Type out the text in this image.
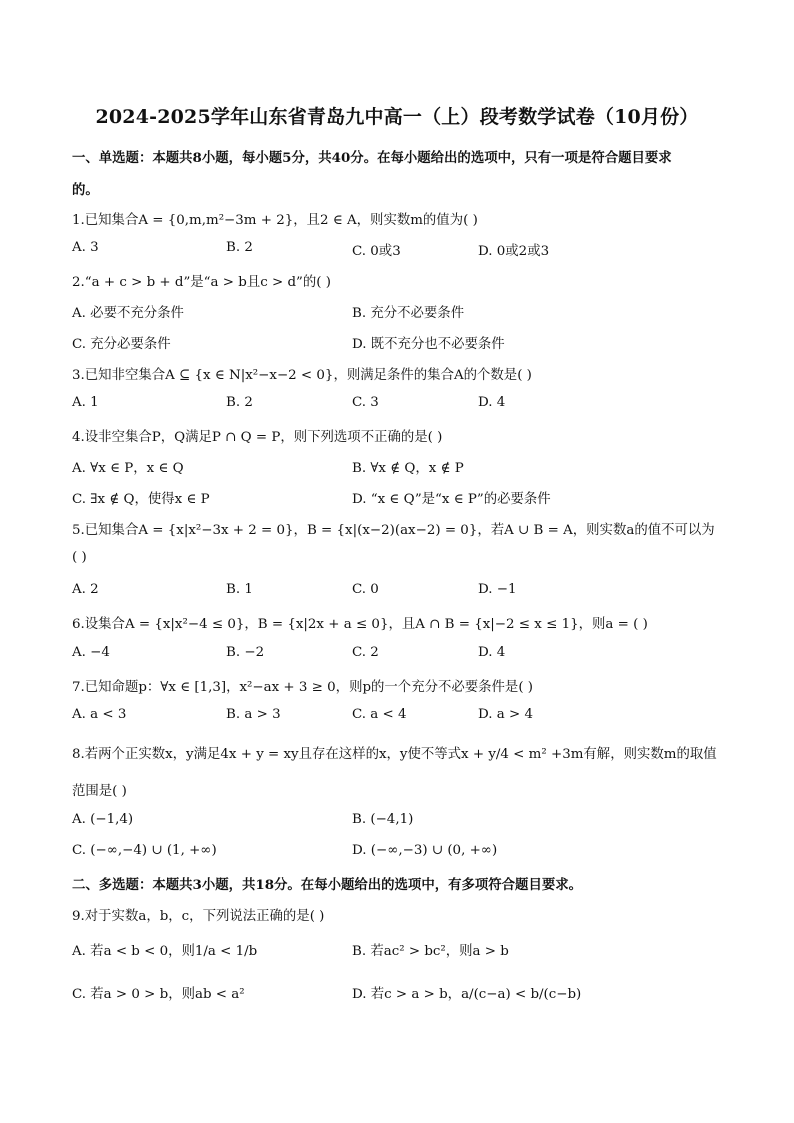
2024-2025学年山东省青岛九中高一（上）段考数学试卷（10月份）
一、单选题：本题共8小题，每小题5分，共40分。在每小题给出的选项中，只有一项是符合题目要求
的。
1.已知集合A = {0,m,m²−3m + 2}，且2 ∈ A，则实数m的值为( )
A. 3	B. 2	C. 0或3	D. 0或2或3
2.“a + c > b + d”是“a > b且c > d”的( )
A. 必要不充分条件	B. 充分不必要条件
C. 充分必要条件	D. 既不充分也不必要条件
3.已知非空集合A ⊆ {x ∈ N|x²−x−2 < 0}，则满足条件的集合A的个数是( )
A. 1	B. 2	C. 3	D. 4
4.设非空集合P，Q满足P ∩ Q = P，则下列选项不正确的是( )
A. ∀x ∈ P，x ∈ Q	B. ∀x ∉ Q，x ∉ P
C. ∃x ∉ Q，使得x ∈ P	D. “x ∈ Q”是“x ∈ P”的必要条件
5.已知集合A = {x|x²−3x + 2 = 0}，B = {x|(x−2)(ax−2) = 0}，若A ∪ B = A，则实数a的值不可以为
( )
A. 2	B. 1	C. 0	D. −1
6.设集合A = {x|x²−4 ≤ 0}，B = {x|2x + a ≤ 0}，且A ∩ B = {x|−2 ≤ x ≤ 1}，则a = ( )
A. −4	B. −2	C. 2	D. 4
7.已知命题p：∀x ∈ [1,3]，x²−ax + 3 ≥ 0，则p的一个充分不必要条件是( )
A. a < 3	B. a > 3	C. a < 4	D. a > 4
8.若两个正实数x，y满足4x + y = xy且存在这样的x，y使不等式x + y/4 < m² +3m有解，则实数m的取值
范围是( )
A. (−1,4)	B. (−4,1)
C. (−∞,−4) ∪ (1, +∞)	D. (−∞,−3) ∪ (0, +∞)
二、多选题：本题共3小题，共18分。在每小题给出的选项中，有多项符合题目要求。
9.对于实数a，b，c，下列说法正确的是( )
A. 若a < b < 0，则1/a < 1/b	B. 若ac² > bc²，则a > b
C. 若a > 0 > b，则ab < a²	D. 若c > a > b，a/(c−a) < b/(c−b)
